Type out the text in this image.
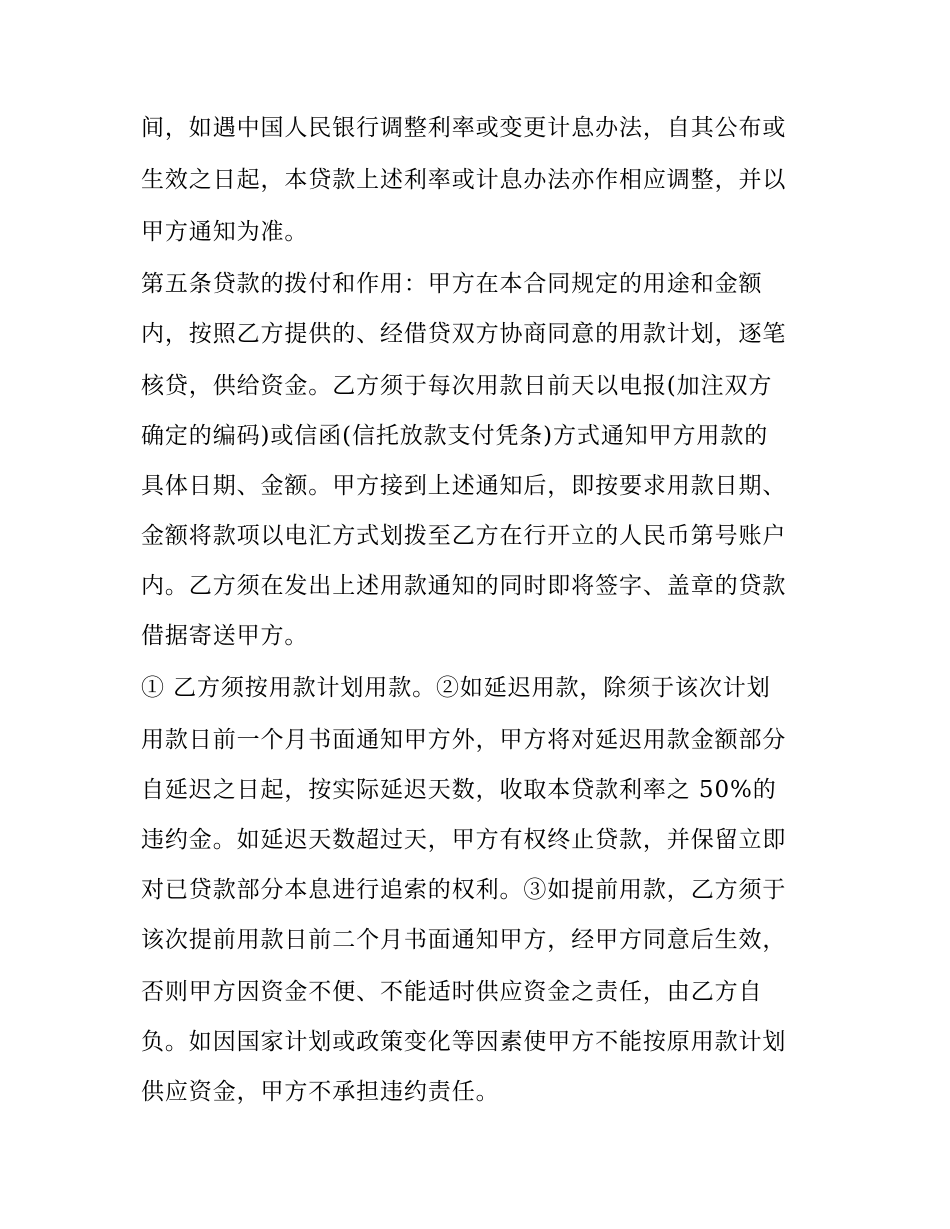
间，如遇中国人民银行调整利率或变更计息办法，自其公布或
生效之日起，本贷款上述利率或计息办法亦作相应调整，并以
甲方通知为准。
第五条贷款的拨付和作用：甲方在本合同规定的用途和金额
内，按照乙方提供的、经借贷双方协商同意的用款计划，逐笔
核贷，供给资金。乙方须于每次用款日前天以电报(加注双方
确定的编码)或信函(信托放款支付凭条)方式通知甲方用款的
具体日期、金额。甲方接到上述通知后，即按要求用款日期、
金额将款项以电汇方式划拨至乙方在行开立的人民币第号账户
内。乙方须在发出上述用款通知的同时即将签字、盖章的贷款
借据寄送甲方。
① 乙方须按用款计划用款。②如延迟用款，除须于该次计划
用款日前一个月书面通知甲方外，甲方将对延迟用款金额部分
自延迟之日起，按实际延迟天数，收取本贷款利率之 50%的
违约金。如延迟天数超过天，甲方有权终止贷款，并保留立即
对已贷款部分本息进行追索的权利。③如提前用款，乙方须于
该次提前用款日前二个月书面通知甲方，经甲方同意后生效，
否则甲方因资金不便、不能适时供应资金之责任，由乙方自
负。如因国家计划或政策变化等因素使甲方不能按原用款计划
供应资金，甲方不承担违约责任。
